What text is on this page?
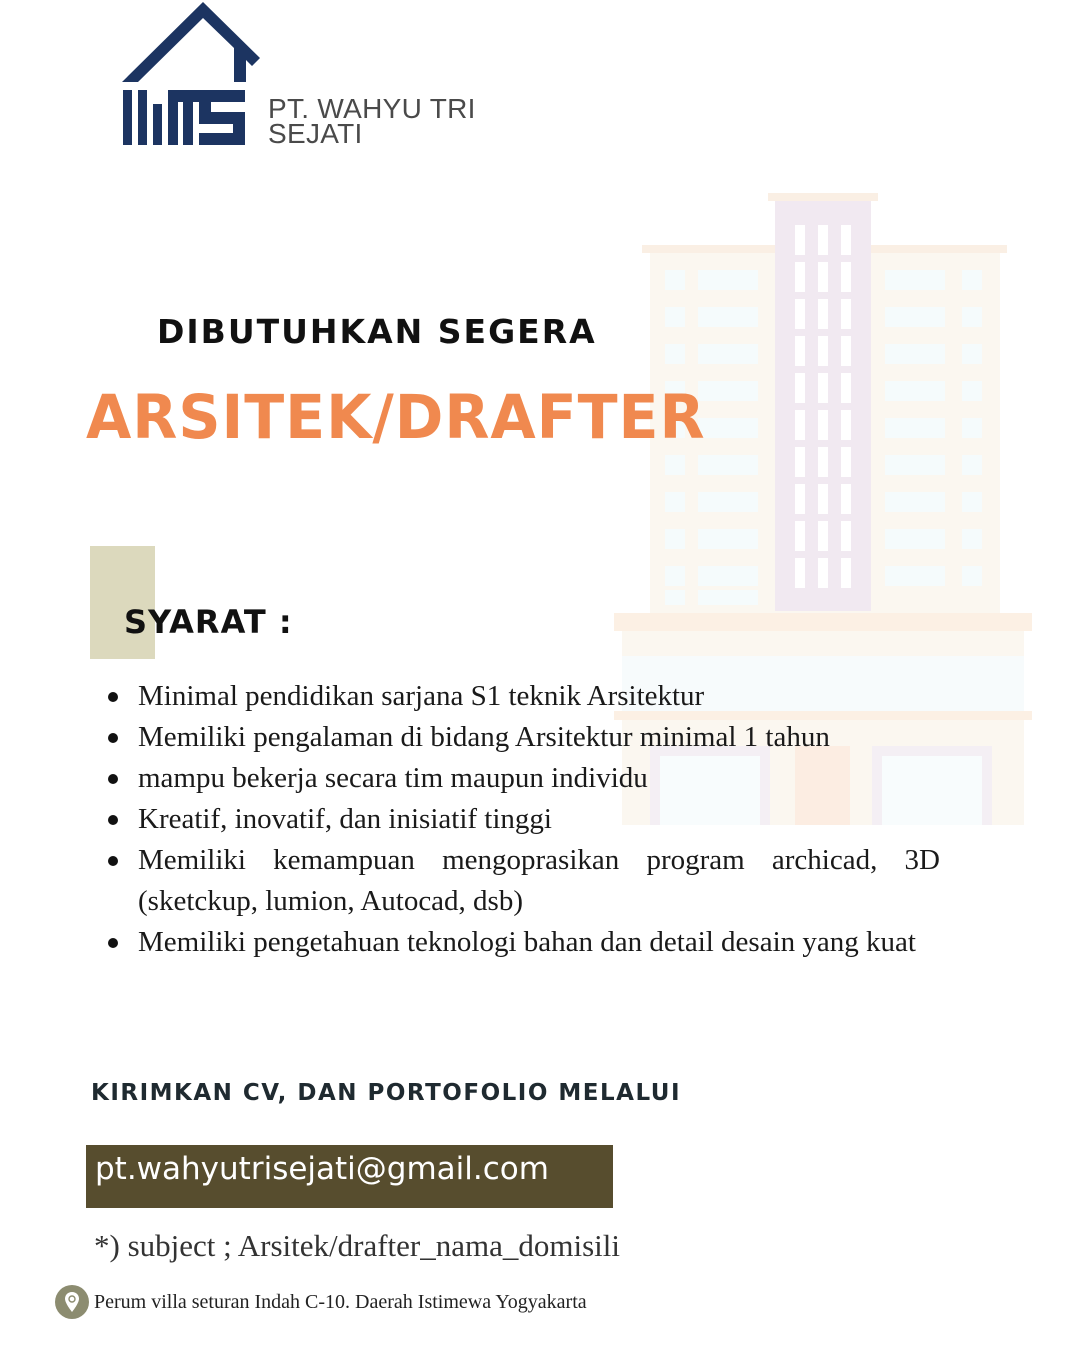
PT. WAHYU TRI
SEJATI
DIBUTUHKAN SEGERA
ARSITEK/DRAFTER
SYARAT :
Minimal pendidikan sarjana S1 teknik Arsitektur
Memiliki pengalaman di bidang Arsitektur minimal 1 tahun
mampu bekerja secara tim maupun individu
Kreatif, inovatif, dan inisiatif tinggi
Memiliki kemampuan mengoprasikan program archicad, 3D (sketckup, lumion, Autocad, dsb)
Memiliki pengetahuan teknologi bahan dan detail desain yang kuat
KIRIMKAN CV, DAN PORTOFOLIO MELALUI
pt.wahyutrisejati@gmail.com
*) subject ; Arsitek/drafter_nama_domisili
Perum villa seturan Indah C-10. Daerah Istimewa Yogyakarta
